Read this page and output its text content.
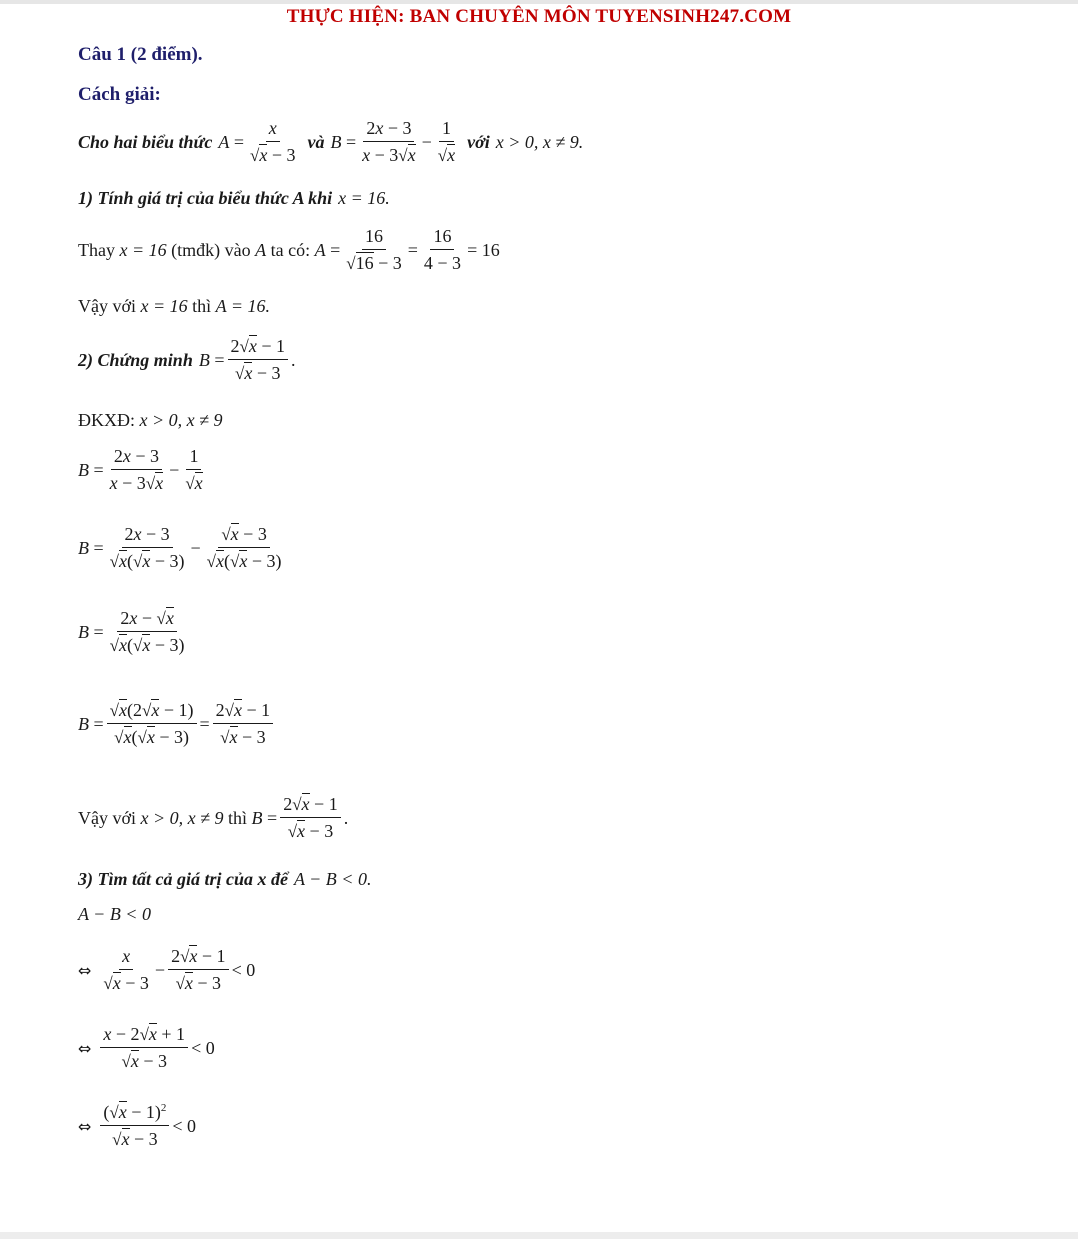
THỰC HIỆN: BAN CHUYÊN MÔN TUYENSINH247.COM
Câu 1 (2 điểm).
Cách giải:
Cho hai biểu thức $A = \frac{x}{√x - 3}$ và $B = \frac{2x - 3}{x - 3√x} - \frac{1}{√x}$ với x > 0, x ≠ 9.
1) Tính giá trị của biểu thức A khi x = 16.
Thay
x = 16
(tmđk) vào
A
ta có:
$A = \frac{16}{√16 - 3} = \frac{16}{4 - 3} = 16$
Vậy với
x = 16
thì
A = 16.
2) Chứng minh $B = \frac{2√x - 1}{√x - 3}$ .
ĐKXĐ:
x > 0, x ≠ 9
$B = \frac{2x - 3}{x - 3√x} - \frac{1}{√x}$
$B = \frac{2x - 3}{√x(√x - 3)} - \frac{√x - 3}{√x(√x - 3)}$
$B = \frac{2x - √x}{√x(√x - 3)}$
$B = \frac{√x(2√x - 1)}{√x(√x - 3)} = \frac{2√x - 1}{√x - 3}$
Vậy với
x > 0, x ≠ 9
thì
$B = \frac{2√x - 1}{√x - 3}$ .
3) Tìm tất cả giá trị của x để A − B < 0.
A − B < 0
⇔ $\frac{x}{√x - 3} - \frac{2√x - 1}{√x - 3} < 0$
⇔ $\frac{x - 2√x + 1}{√x - 3} < 0$
⇔ $\frac{(√x - 1)^2}{√x - 3} < 0$
